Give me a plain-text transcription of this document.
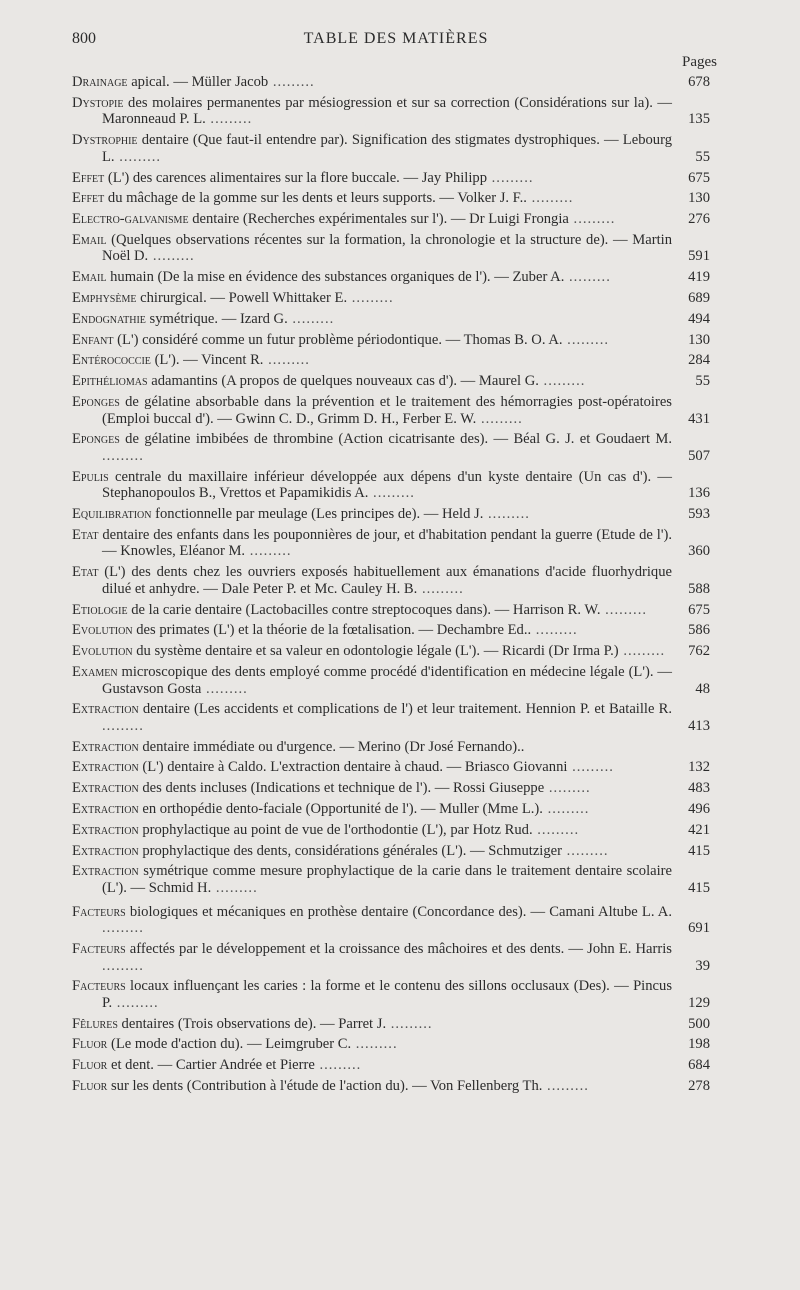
800	TABLE DES MATIÈRES
Pages
Drainage apical. — Müller Jacob .........	678
Dystopie des molaires permanentes par mésiogression et sur sa correction (Considérations sur la). — Maronneaud P. L. .........	135
Dystrophie dentaire (Que faut-il entendre par). Signification des stigmates dystrophiques. — Lebourg L. .........	55
Effet (L') des carences alimentaires sur la flore buccale. — Jay Philipp .........	675
Effet du mâchage de la gomme sur les dents et leurs supports. — Volker J. F.. .........	130
Electro-galvanisme dentaire (Recherches expérimentales sur l'). — Dr Luigi Frongia .........	276
Email (Quelques observations récentes sur la formation, la chronologie et la structure de). — Martin Noël D. .........	591
Email humain (De la mise en évidence des substances organiques de l'). — Zuber A. .........	419
Emphysème chirurgical. — Powell Whittaker E. .........	689
Endognathie symétrique. — Izard G. .........	494
Enfant (L') considéré comme un futur problème périodontique. — Thomas B. O. A. .........	130
Entérococcie (L'). — Vincent R. .........	284
Epithéliomas adamantins (A propos de quelques nouveaux cas d'). — Maurel G. .........	55
Eponges de gélatine absorbable dans la prévention et le traitement des hémorragies post-opératoires (Emploi buccal d'). — Gwinn C. D., Grimm D. H., Ferber E. W. .........	431
Eponges de gélatine imbibées de thrombine (Action cicatrisante des). — Béal G. J. et Goudaert M. .........	507
Epulis centrale du maxillaire inférieur développée aux dépens d'un kyste dentaire (Un cas d'). — Stephanopoulos B., Vrettos et Papamikidis A. .........	136
Equilibration fonctionnelle par meulage (Les principes de). — Held J. .........	593
Etat dentaire des enfants dans les pouponnières de jour, et d'habitation pendant la guerre (Etude de l'). — Knowles, Eléanor M. .........	360
Etat (L') des dents chez les ouvriers exposés habituellement aux émanations d'acide fluorhydrique dilué et anhydre. — Dale Peter P. et Mc. Cauley H. B. .........	588
Etiologie de la carie dentaire (Lactobacilles contre streptocoques dans). — Harrison R. W. .........	675
Evolution des primates (L') et la théorie de la fœtalisation. — Dechambre Ed.. .........	586
Evolution du système dentaire et sa valeur en odontologie légale (L'). — Ricardi (Dr Irma P.) .........	762
Examen microscopique des dents employé comme procédé d'identification en médecine légale (L'). — Gustavson Gosta .........	48
Extraction dentaire (Les accidents et complications de l') et leur traitement. Hennion P. et Bataille R. .........	413
Extraction dentaire immédiate ou d'urgence. — Merino (Dr José Fernando)..
Extraction (L') dentaire à Caldo. L'extraction dentaire à chaud. — Briasco Giovanni .........	132
Extraction des dents incluses (Indications et technique de l'). — Rossi Giuseppe .........	483
Extraction en orthopédie dento-faciale (Opportunité de l'). — Muller (Mme L.). .........	496
Extraction prophylactique au point de vue de l'orthodontie (L'), par Hotz Rud. .........	421
Extraction prophylactique des dents, considérations générales (L'). — Schmutziger .........	415
Extraction symétrique comme mesure prophylactique de la carie dans le traitement dentaire scolaire (L'). — Schmid H. .........	415
Facteurs biologiques et mécaniques en prothèse dentaire (Concordance des). — Camani Altube L. A. .........	691
Facteurs affectés par le développement et la croissance des mâchoires et des dents. — John E. Harris .........	39
Facteurs locaux influençant les caries : la forme et le contenu des sillons occlusaux (Des). — Pincus P. .........	129
Fêlures dentaires (Trois observations de). — Parret J. .........	500
Fluor (Le mode d'action du). — Leimgruber C. .........	198
Fluor et dent. — Cartier Andrée et Pierre .........	684
Fluor sur les dents (Contribution à l'étude de l'action du). — Von Fellenberg Th. .........	278
